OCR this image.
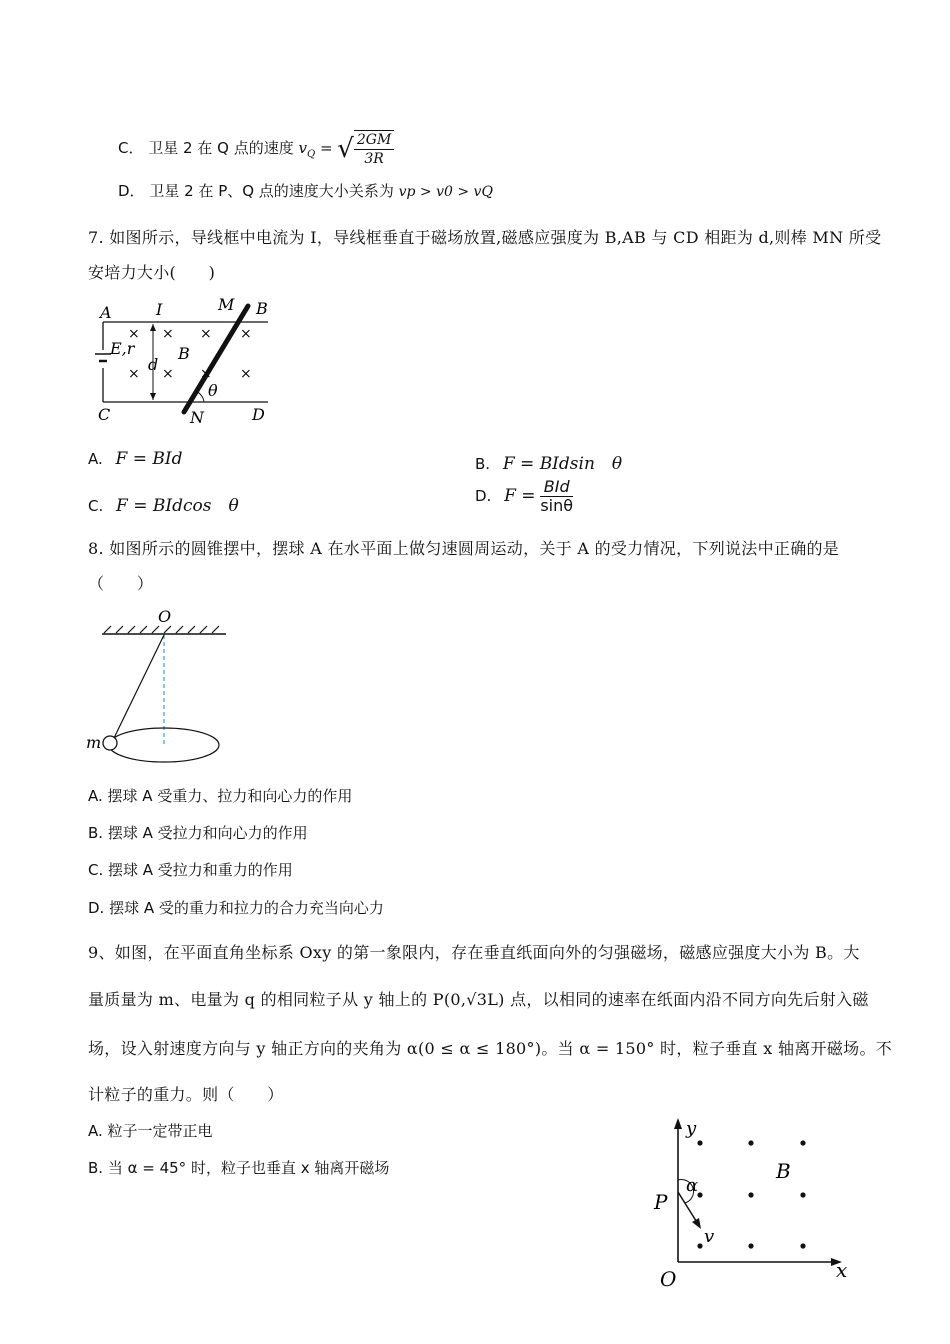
C． 卫星 2 在 Q 点的速度 $v_Q$ = √ $\frac{2GM}{3R}$
D． 卫星 2 在 P、Q 点的速度大小关系为 vp > v0 > vQ
7. 如图所示，导线框中电流为 I，导线框垂直于磁场放置,磁感应强度为 B,AB 与 CD 相距为 d,则棒 MN 所受
安培力大小(　　)
× × × ×
× × × ×
A	I	M B
E,r
d
B
θ
C	N	D
A. F = BId	B. F = BIdsin　θ
C. F = BIdcos　θ	D. $F = \frac{\text{BId}}{\sin\theta}$
8. 如图所示的圆锥摆中，摆球 A 在水平面上做匀速圆周运动，关于 A 的受力情况，下列说法中正确的是
（　　）
O
m
A. 摆球 A 受重力、拉力和向心力的作用
B. 摆球 A 受拉力和向心力的作用
C. 摆球 A 受拉力和重力的作用
D. 摆球 A 受的重力和拉力的合力充当向心力
9、如图，在平面直角坐标系 Oxy 的第一象限内，存在垂直纸面向外的匀强磁场，磁感应强度大小为 B。大
量质量为 m、电量为 q 的相同粒子从 y 轴上的 P(0,√3L) 点，以相同的速率在纸面内沿不同方向先后射入磁
场，设入射速度方向与 y 轴正方向的夹角为 α(0 ≤ α ≤ 180°)。当 α = 150° 时，粒子垂直 x 轴离开磁场。不
计粒子的重力。则（　　）
A. 粒子一定带正电
B. 当 α = 45° 时，粒子也垂直 x 轴离开磁场
y
x
O
P
α
v
B
